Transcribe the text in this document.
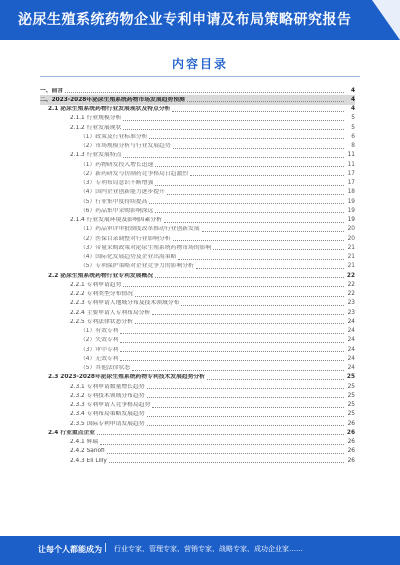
泌尿生殖系统药物企业专利申请及布局策略研究报告
内容目录
一、前言	4
二、2023-2028年泌尿生殖系统药物市场发展趋势预测	4
2.1 泌尿生殖系统药物行业发展现状及特点分析	4
2.1.1 行业规模分析	5
2.1.2 行业发展现状	5
（1）政策及行业标准分析	6
（2）市场规模分析与行业发展趋势	8
2.1.3 行业发展特点	11
（1）药物研发投入增长迅速	11
（2）新药研发与仿制药竞争格局日趋激烈	17
（3）专利布局意识不断增强	17
（4）国内企业创新能力逐步提升	18
（5）行业集中度持续提高	19
（6）药品集中采购影响深远	19
2.1.4 行业发展环境及影响因素分析	19
（1）药品审评审批制度改革推动行业创新发展	20
（2）医保目录调整对行业影响分析	20
（3）带量采购政策对泌尿生殖系统药物市场的影响	21
（4）国际化发展趋势及企业出海策略	21
（5）专利保护策略对企业竞争力的影响分析	21
2.2 泌尿生殖系统药物行业专利发展概况	22
2.2.1 专利申请趋势	22
2.2.2 专利类型分布情况	22
2.2.3 专利申请人地域分布及技术领域分布	23
2.2.4 主要申请人专利布局分析	23
2.2.5 专利法律状态分析	24
（1）有效专利	24
（2）失效专利	24
（3）审中专利	24
（4）无效专利	24
（5）其他法律状态	24
2.3 2023-2028年泌尿生殖系统药物专利技术发展趋势分析	25
2.3.1 专利申请数量增长趋势	25
2.3.2 专利技术领域分布趋势	25
2.3.3 专利申请人竞争格局趋势	25
2.3.4 专利布局策略发展趋势	25
2.3.5 国际专利申请发展趋势	26
2.4 行业重点企业	26
2.4.1 辉瑞	26
2.4.2 Sanofi	26
2.4.3 Eli Lilly	26
让每个人都能成为 | 行业专家、管理专家、营销专家、战略专家、成功企业家……
